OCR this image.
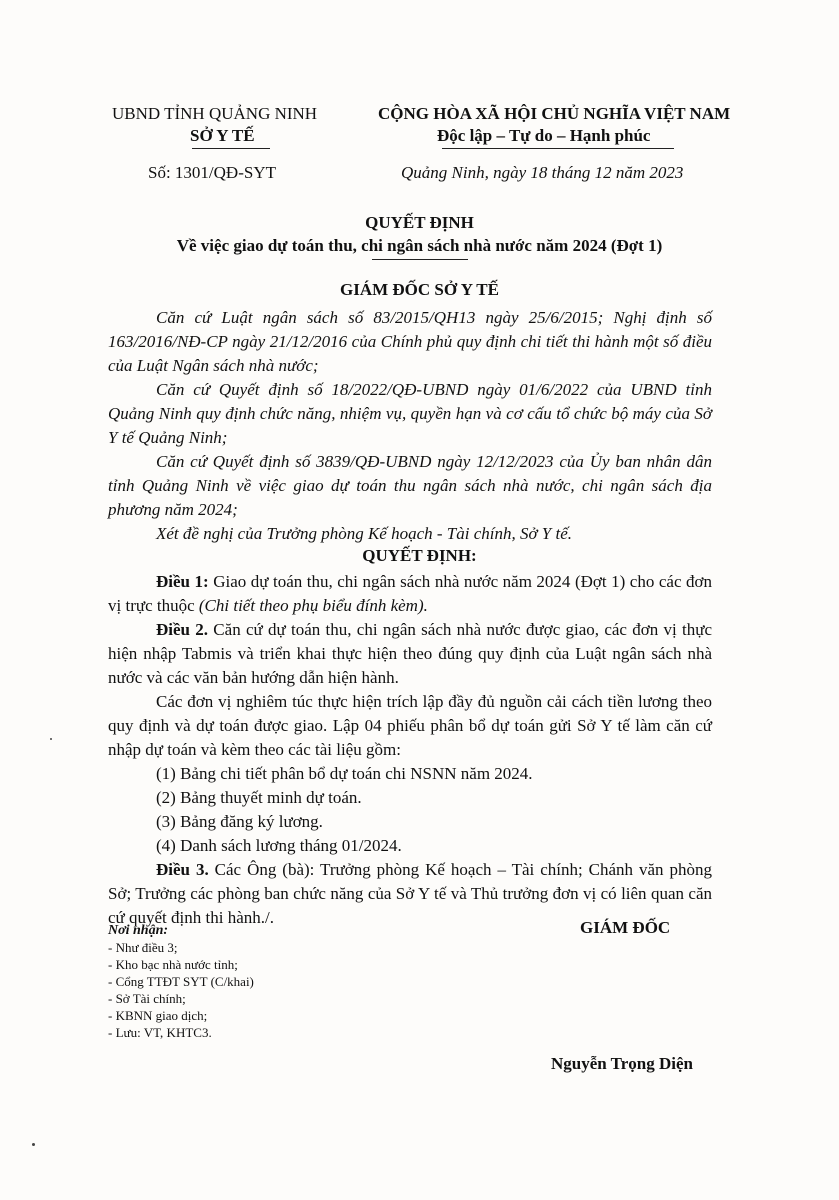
UBND TỈNH QUẢNG NINH
SỞ Y TẾ
Số: 1301/QĐ-SYT
CỘNG HÒA XÃ HỘI CHỦ NGHĨA VIỆT NAM
Độc lập – Tự do – Hạnh phúc
Quảng Ninh, ngày 18 tháng 12 năm 2023
QUYẾT ĐỊNH
Về việc giao dự toán thu, chi ngân sách nhà nước năm 2024 (Đợt 1)
GIÁM ĐỐC SỞ Y TẾ
Căn cứ Luật ngân sách số 83/2015/QH13 ngày 25/6/2015; Nghị định số 163/2016/NĐ-CP ngày 21/12/2016 của Chính phủ quy định chi tiết thi hành một số điều của Luật Ngân sách nhà nước;
Căn cứ Quyết định số 18/2022/QĐ-UBND ngày 01/6/2022 của UBND tỉnh Quảng Ninh quy định chức năng, nhiệm vụ, quyền hạn và cơ cấu tổ chức bộ máy của Sở Y tế Quảng Ninh;
Căn cứ Quyết định số 3839/QĐ-UBND ngày 12/12/2023 của Ủy ban nhân dân tỉnh Quảng Ninh về việc giao dự toán thu ngân sách nhà nước, chi ngân sách địa phương năm 2024;
Xét đề nghị của Trưởng phòng Kế hoạch - Tài chính, Sở Y tế.
QUYẾT ĐỊNH:
Điều 1: Giao dự toán thu, chi ngân sách nhà nước năm 2024 (Đợt 1) cho các đơn vị trực thuộc (Chi tiết theo phụ biểu đính kèm).
Điều 2. Căn cứ dự toán thu, chi ngân sách nhà nước được giao, các đơn vị thực hiện nhập Tabmis và triển khai thực hiện theo đúng quy định của Luật ngân sách nhà nước và các văn bản hướng dẫn hiện hành.
Các đơn vị nghiêm túc thực hiện trích lập đầy đủ nguồn cải cách tiền lương theo quy định và dự toán được giao. Lập 04 phiếu phân bổ dự toán gửi Sở Y tế làm căn cứ nhập dự toán và kèm theo các tài liệu gồm:
(1) Bảng chi tiết phân bổ dự toán chi NSNN năm 2024.
(2) Bảng thuyết minh dự toán.
(3) Bảng đăng ký lương.
(4) Danh sách lương tháng 01/2024.
Điều 3. Các Ông (bà): Trưởng phòng Kế hoạch – Tài chính; Chánh văn phòng Sở; Trưởng các phòng ban chức năng của Sở Y tế và Thủ trưởng đơn vị có liên quan căn cứ quyết định thi hành./.
Nơi nhận:
- Như điều 3;
- Kho bạc nhà nước tỉnh;
- Cổng TTĐT SYT (C/khai)
- Sở Tài chính;
- KBNN giao dịch;
- Lưu: VT, KHTC3.
GIÁM ĐỐC
Nguyễn Trọng Diện
